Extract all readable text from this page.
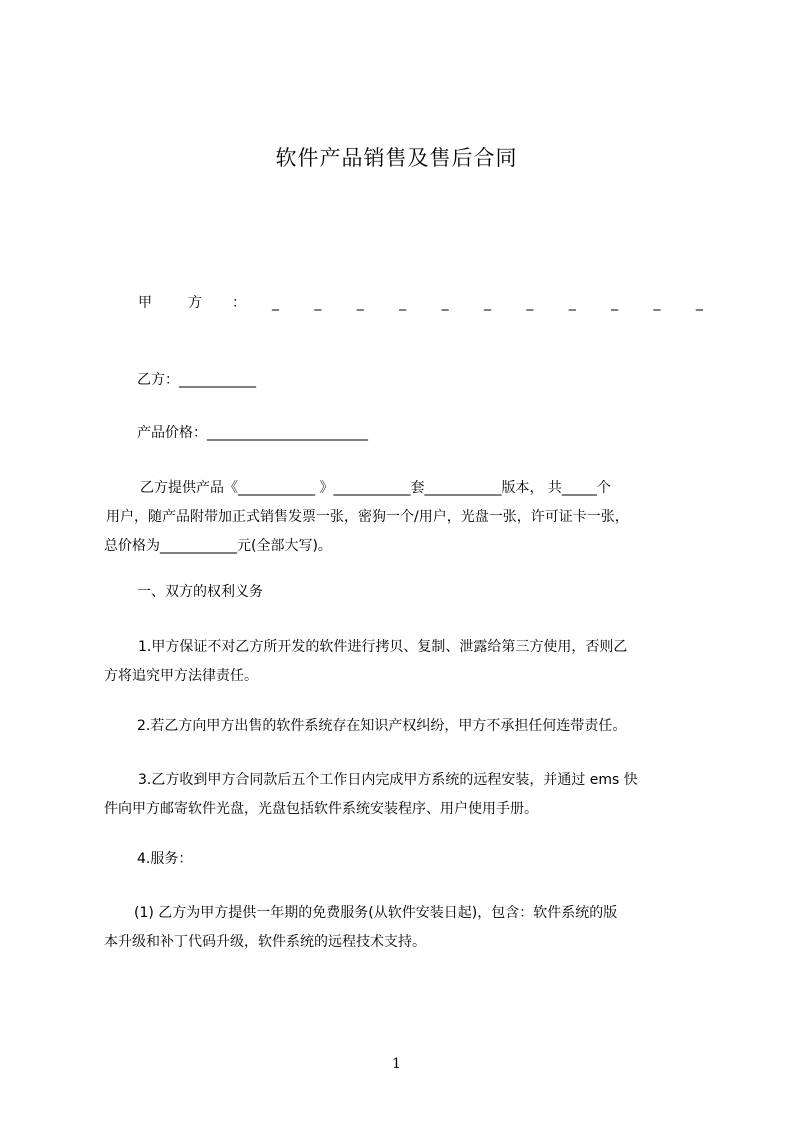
软件产品销售及售后合同
甲	方	：	_	_	_	_	_	_	_	_	_	_	_
乙方：___________
产品价格：_______________________
乙方提供产品《___________ 》___________套___________版本， 共_____个
用户，随产品附带加正式销售发票一张，密狗一个/用户，光盘一张，许可证卡一张，
总价格为___________元(全部大写)。
一、双方的权利义务
1.甲方保证不对乙方所开发的软件进行拷贝、复制、泄露给第三方使用，否则乙
方将追究甲方法律责任。
2.若乙方向甲方出售的软件系统存在知识产权纠纷，甲方不承担任何连带责任。
3.乙方收到甲方合同款后五个工作日内完成甲方系统的远程安装，并通过 ems 快
件向甲方邮寄软件光盘，光盘包括软件系统安装程序、用户使用手册。
4.服务：
(1) 乙方为甲方提供一年期的免费服务(从软件安装日起)，包含：软件系统的版
本升级和补丁代码升级，软件系统的远程技术支持。
1
